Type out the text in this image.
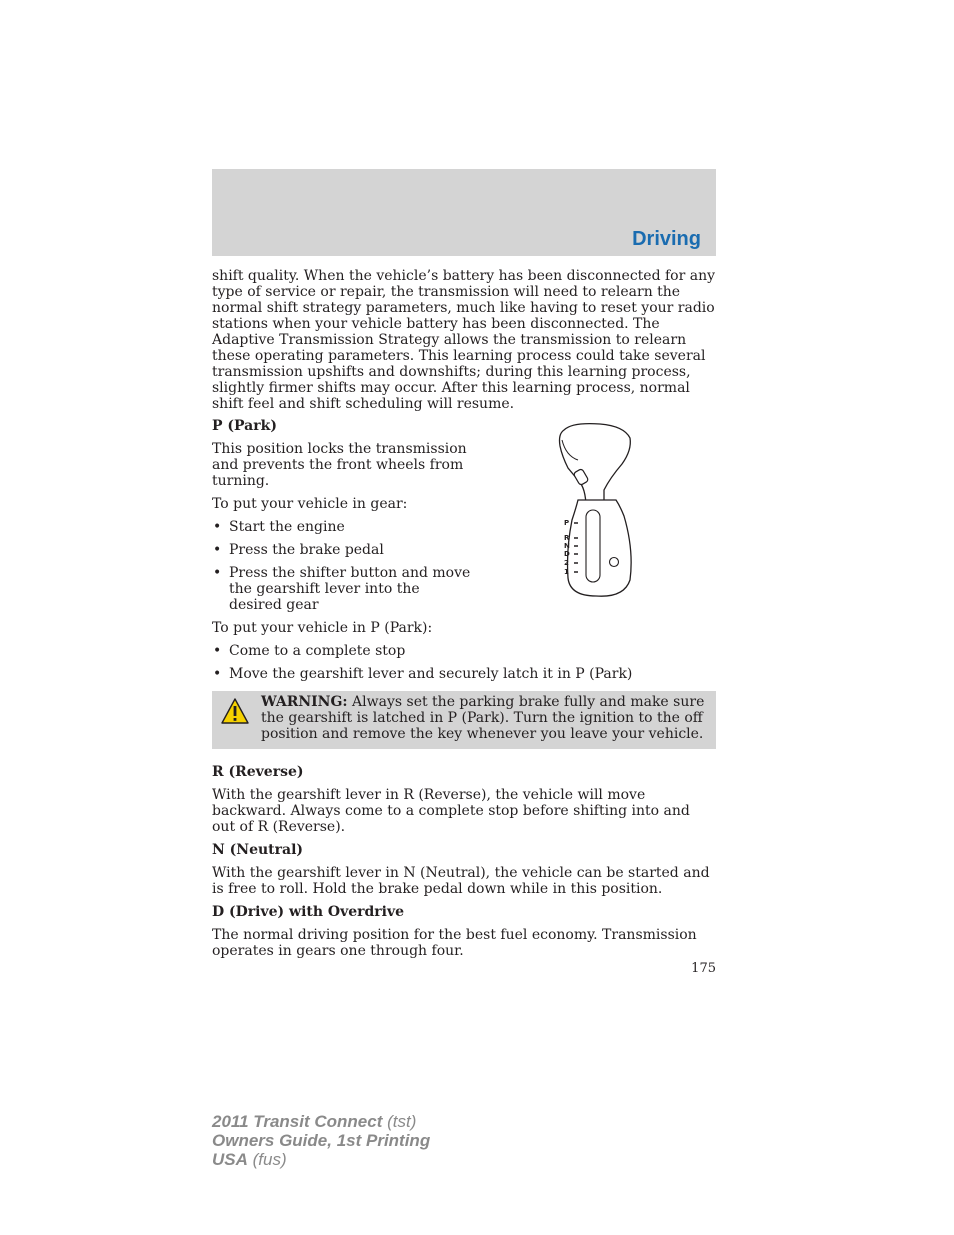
Driving

shift quality. When the vehicle’s battery has been disconnected for any type of service or repair, the transmission will need to relearn the normal shift strategy parameters, much like having to reset your radio stations when your vehicle battery has been disconnected. The Adaptive Transmission Strategy allows the transmission to relearn these operating parameters. This learning process could take several transmission upshifts and downshifts; during this learning process, slightly firmer shifts may occur. After this learning process, normal shift feel and shift scheduling will resume.

P (Park)

This position locks the transmission and prevents the front wheels from turning.

To put your vehicle in gear:

• Start the engine
• Press the brake pedal
• Press the shifter button and move the gearshift lever into the desired gear
P
R
N
D
2
1

To put your vehicle in P (Park):

• Come to a complete stop
• Move the gearshift lever and securely latch it in P (Park)
WARNING: Always set the parking brake fully and make sure the gearshift is latched in P (Park). Turn the ignition to the off position and remove the key whenever you leave your vehicle.
R (Reverse)

With the gearshift lever in R (Reverse), the vehicle will move backward. Always come to a complete stop before shifting into and out of R (Reverse).

N (Neutral)

With the gearshift lever in N (Neutral), the vehicle can be started and is free to roll. Hold the brake pedal down while in this position.

D (Drive) with Overdrive

The normal driving position for the best fuel economy. Transmission operates in gears one through four.

175
2011 Transit Connect (tst)
Owners Guide, 1st Printing
USA (fus)
